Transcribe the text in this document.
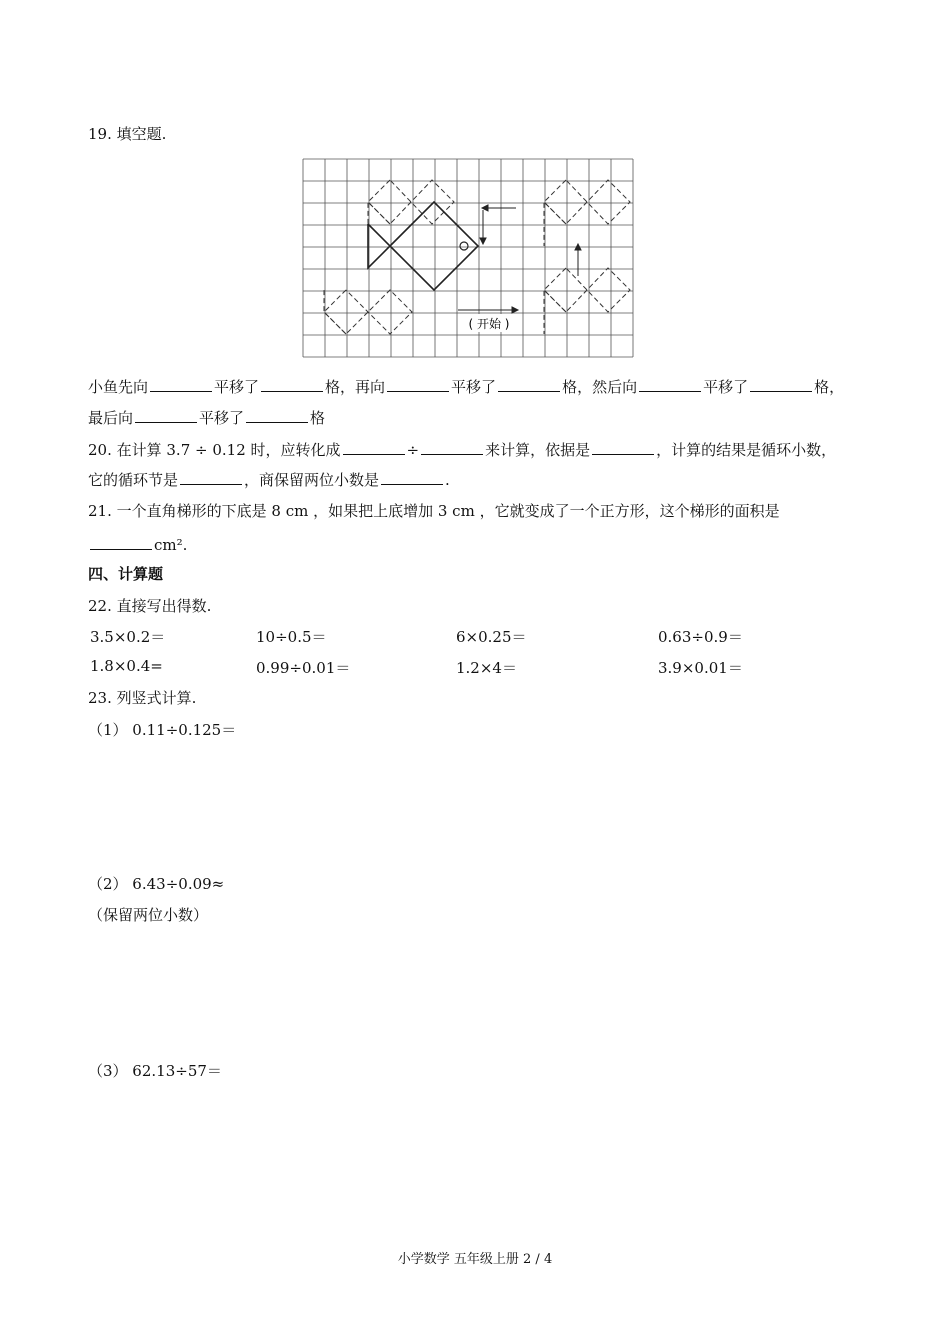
19. 填空题.
( 开始 )
小鱼先向	平移了	格，再向	平移了	格，然后向	平移了	格，
最后向	平移了	格
20. 在计算 3.7 ÷ 0.12 时，应转化成	÷	来计算，依据是	，计算的结果是循环小数，
它的循环节是	，商保留两位小数是	.
21. 一个直角梯形的下底是 8 cm ，如果把上底增加 3 cm ，它就变成了一个正方形，这个梯形的面积是
cm².
四、计算题
22. 直接写出得数.
3.5×0.2＝	10÷0.5＝	6×0.25＝	0.63÷0.9＝
1.8×0.4=	0.99÷0.01＝	1.2×4＝	3.9×0.01＝
23. 列竖式计算.
（1） 0.11÷0.125＝
（2） 6.43÷0.09≈
（保留两位小数）
（3） 62.13÷57＝
小学数学 五年级上册 2 / 4
